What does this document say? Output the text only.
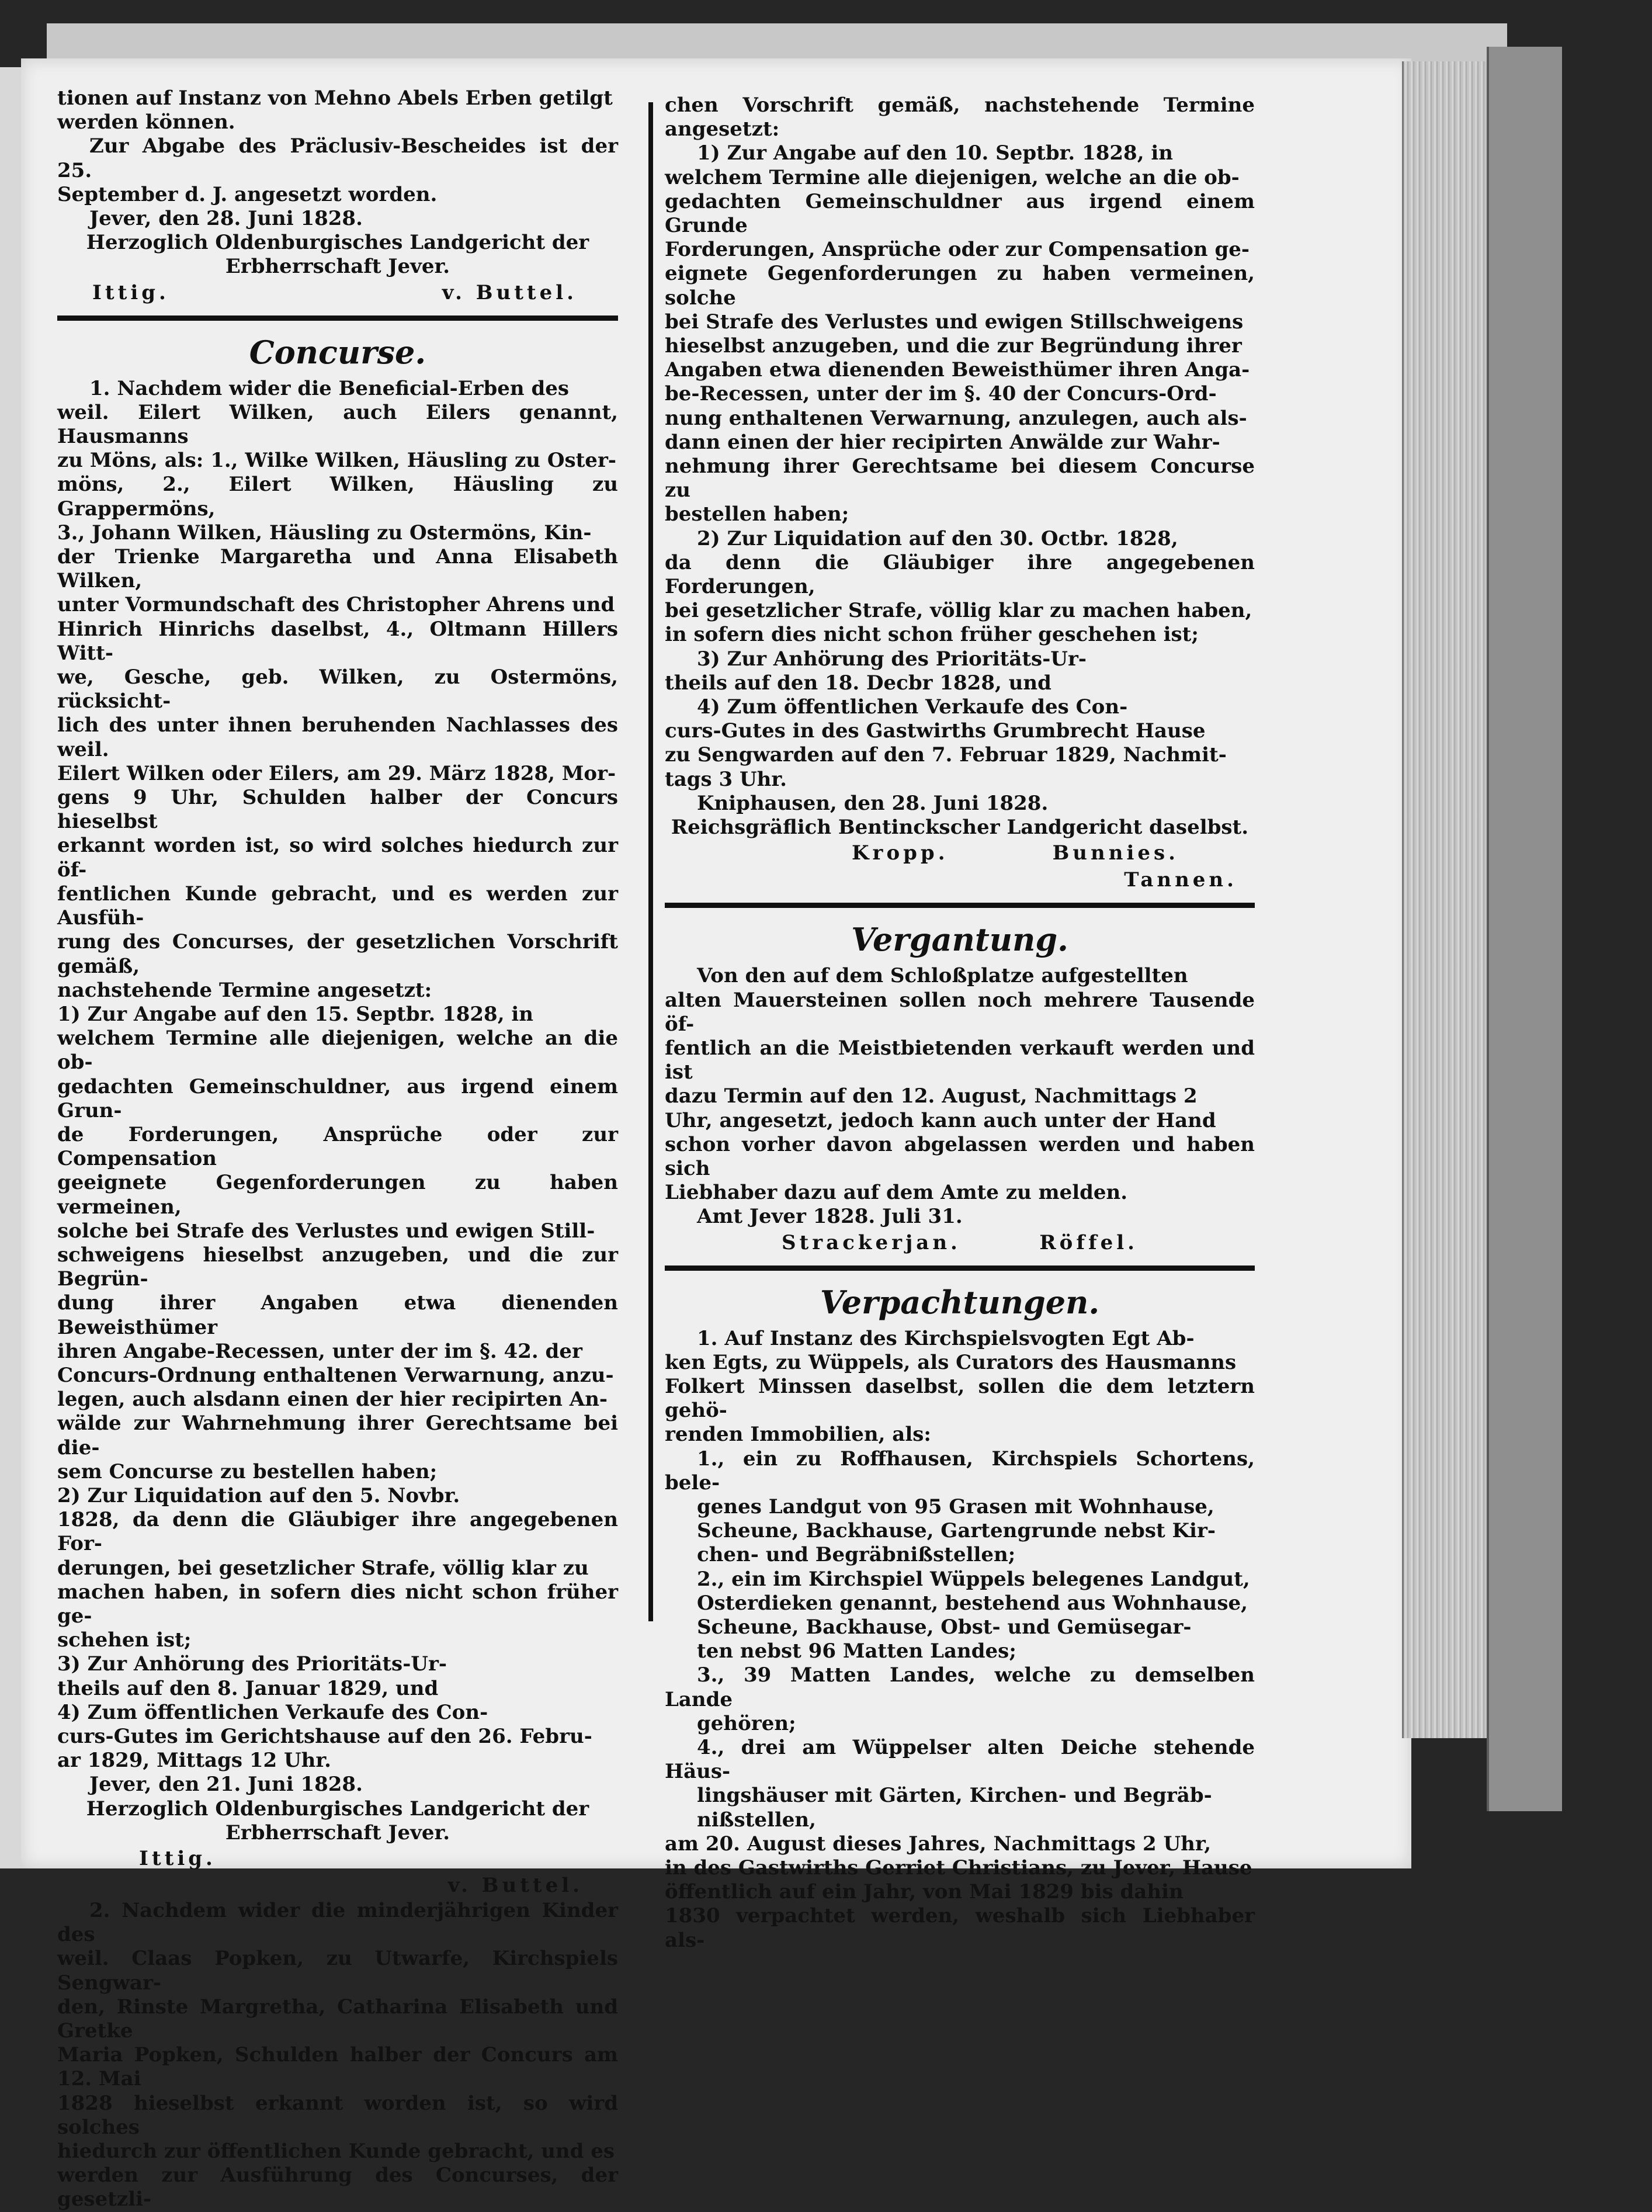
tionen auf Instanz von Mehno Abels Erben getilgt

werden können.

Zur Abgabe des Präclusiv-Bescheides ist der 25.

September d. J. angesetzt worden.

Jever, den 28. Juni 1828.

Herzoglich Oldenburgisches Landgericht der

Erbherrschaft Jever.

Ittig.	v. Buttel.
Concurse.

1. Nachdem wider die Beneficial-Erben des

weil. Eilert Wilken, auch Eilers genannt, Hausmanns

zu Möns, als: 1., Wilke Wilken, Häusling zu Oster-

möns, 2., Eilert Wilken, Häusling zu Grappermöns,

3., Johann Wilken, Häusling zu Ostermöns, Kin-

der Trienke Margaretha und Anna Elisabeth Wilken,

unter Vormundschaft des Christopher Ahrens und

Hinrich Hinrichs daselbst, 4., Oltmann Hillers Witt-

we, Gesche, geb. Wilken, zu Ostermöns, rücksicht-

lich des unter ihnen beruhenden Nachlasses des weil.

Eilert Wilken oder Eilers, am 29. März 1828, Mor-

gens 9 Uhr, Schulden halber der Concurs hieselbst

erkannt worden ist, so wird solches hiedurch zur öf-

fentlichen Kunde gebracht, und es werden zur Ausfüh-

rung des Concurses, der gesetzlichen Vorschrift gemäß,

nachstehende Termine angesetzt:

1) Zur Angabe auf den 15. Septbr. 1828, in

welchem Termine alle diejenigen, welche an die ob-

gedachten Gemeinschuldner, aus irgend einem Grun-

de Forderungen, Ansprüche oder zur Compensation

geeignete Gegenforderungen zu haben vermeinen,

solche bei Strafe des Verlustes und ewigen Still-

schweigens hieselbst anzugeben, und die zur Begrün-

dung ihrer Angaben etwa dienenden Beweisthümer

ihren Angabe-Recessen, unter der im §. 42. der

Concurs-Ordnung enthaltenen Verwarnung, anzu-

legen, auch alsdann einen der hier recipirten An-

wälde zur Wahrnehmung ihrer Gerechtsame bei die-

sem Concurse zu bestellen haben;

2) Zur Liquidation auf den 5. Novbr.

1828, da denn die Gläubiger ihre angegebenen For-

derungen, bei gesetzlicher Strafe, völlig klar zu

machen haben, in sofern dies nicht schon früher ge-

schehen ist;

3) Zur Anhörung des Prioritäts-Ur-

theils auf den 8. Januar 1829, und

4) Zum öffentlichen Verkaufe des Con-

curs-Gutes im Gerichtshause auf den 26. Febru-

ar 1829, Mittags 12 Uhr.

Jever, den 21. Juni 1828.

Herzoglich Oldenburgisches Landgericht der

Erbherrschaft Jever.

Ittig.
v. Buttel.

2. Nachdem wider die minderjährigen Kinder des

weil. Claas Popken, zu Utwarfe, Kirchspiels Sengwar-

den, Rinste Margretha, Catharina Elisabeth und Gretke

Maria Popken, Schulden halber der Concurs am 12. Mai

1828 hieselbst erkannt worden ist, so wird solches

hiedurch zur öffentlichen Kunde gebracht, und es

werden zur Ausführung des Concurses, der gesetzli-

chen Vorschrift gemäß, nachstehende Termine angesetzt:

1) Zur Angabe auf den 10. Septbr. 1828, in

welchem Termine alle diejenigen, welche an die ob-

gedachten Gemeinschuldner aus irgend einem Grunde

Forderungen, Ansprüche oder zur Compensation ge-

eignete Gegenforderungen zu haben vermeinen, solche

bei Strafe des Verlustes und ewigen Stillschweigens

hieselbst anzugeben, und die zur Begründung ihrer

Angaben etwa dienenden Beweisthümer ihren Anga-

be-Recessen, unter der im §. 40 der Concurs-Ord-

nung enthaltenen Verwarnung, anzulegen, auch als-

dann einen der hier recipirten Anwälde zur Wahr-

nehmung ihrer Gerechtsame bei diesem Concurse zu

bestellen haben;

2) Zur Liquidation auf den 30. Octbr. 1828,

da denn die Gläubiger ihre angegebenen Forderungen,

bei gesetzlicher Strafe, völlig klar zu machen haben,

in sofern dies nicht schon früher geschehen ist;

3) Zur Anhörung des Prioritäts-Ur-

theils auf den 18. Decbr 1828, und

4) Zum öffentlichen Verkaufe des Con-

curs-Gutes in des Gastwirths Grumbrecht Hause

zu Sengwarden auf den 7. Februar 1829, Nachmit-

tags 3 Uhr.

Kniphausen, den 28. Juni 1828.

Reichsgräflich Bentinckscher Landgericht daselbst.

Kropp.	Bunnies.
Tannen.
Vergantung.

Von den auf dem Schloßplatze aufgestellten

alten Mauersteinen sollen noch mehrere Tausende öf-

fentlich an die Meistbietenden verkauft werden und ist

dazu Termin auf den 12. August, Nachmittags 2

Uhr, angesetzt, jedoch kann auch unter der Hand

schon vorher davon abgelassen werden und haben sich

Liebhaber dazu auf dem Amte zu melden.

Amt Jever 1828. Juli 31.

Strackerjan.	Röffel.
Verpachtungen.

1. Auf Instanz des Kirchspielsvogten Egt Ab-

ken Egts, zu Wüppels, als Curators des Hausmanns

Folkert Minssen daselbst, sollen die dem letztern gehö-

renden Immobilien, als:

1., ein zu Roffhausen, Kirchspiels Schortens, bele-

genes Landgut von 95 Grasen mit Wohnhause,

Scheune, Backhause, Gartengrunde nebst Kir-

chen- und Begräbnißstellen;

2., ein im Kirchspiel Wüppels belegenes Landgut,

Osterdieken genannt, bestehend aus Wohnhause,

Scheune, Backhause, Obst- und Gemüsegar-

ten nebst 96 Matten Landes;

3., 39 Matten Landes, welche zu demselben Lande

gehören;

4., drei am Wüppelser alten Deiche stehende Häus-

lingshäuser mit Gärten, Kirchen- und Begräb-

nißstellen,

am 20. August dieses Jahres, Nachmittags 2 Uhr,

in des Gastwirths Gerriet Christians, zu Jever, Hause

öffentlich auf ein Jahr, von Mai 1829 bis dahin

1830 verpachtet werden, weshalb sich Liebhaber als-
